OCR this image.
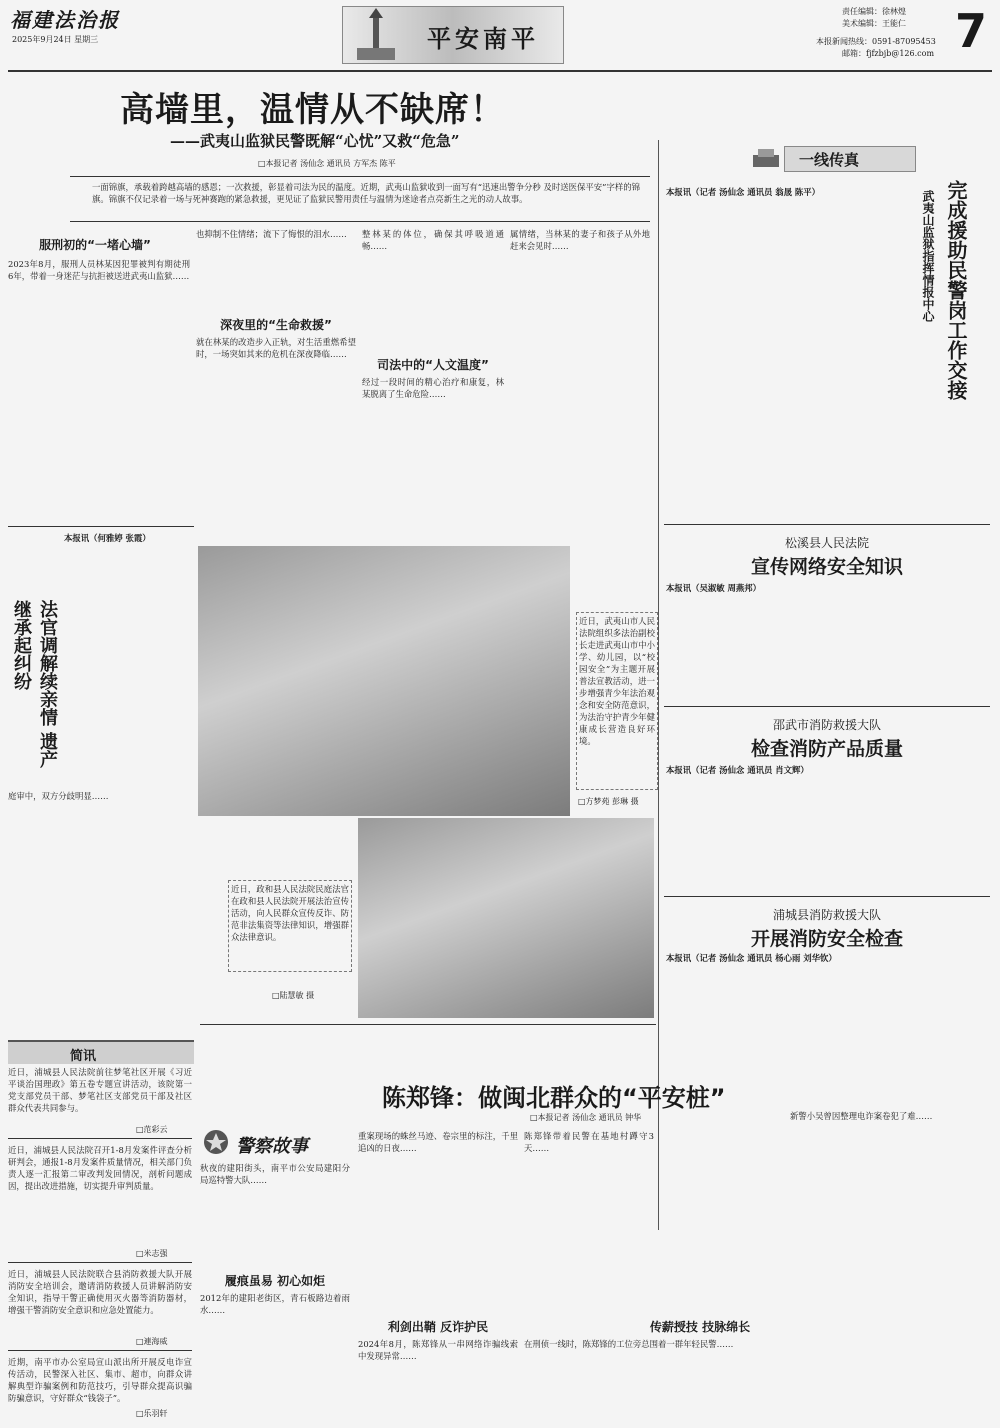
福建法治报
2025年9月24日 星期三	平安南平
责任编辑：徐林煌
美术编辑：王能仁
本报新闻热线：0591-87095453
邮箱：fjfzbjb@126.com 7
高墙里，温情从不缺席！
——武夷山监狱民警既解“心忧”又救“危急”
□本报记者 汤仙念 通讯员 方军杰 陈平
一面锦旗，承载着跨越高墙的感恩；一次救援，彰显着司法为民的温度。近期，武夷山监狱收到一面写有“迅速出警争分秒 及时送医保平安”字样的锦旗。锦旗不仅记录着一场与死神赛跑的紧急救援，更见证了监狱民警用责任与温情为迷途者点亮新生之光的动人故事。
服刑初的“一堵心墙”
2023年8月，服刑人员林某因犯罪被判有期徒刑6年，带着一身迷茫与抗拒被送进武夷山监狱……
也抑制不住情绪；流下了悔恨的泪水……
深夜里的“生命救援”
就在林某的改造步入正轨，对生活重燃希望时，一场突如其来的危机在深夜降临……
整林某的体位，确保其呼吸道通畅……
司法中的“人文温度”
经过一段时间的精心治疗和康复，林某脱离了生命危险……
属情绪，当林某的妻子和孩子从外地赶来会见时……
一线传真
完成援助民警岗工作交接
武夷山监狱指挥情报中心
本报讯（记者 汤仙念 通讯员 翁晟 陈平）
松溪县人民法院
宣传网络安全知识
本报讯（吴淑敏 周燕邦）
邵武市消防救援大队
检查消防产品质量
本报讯（记者 汤仙念 通讯员 肖文辉）
浦城县消防救援大队
开展消防安全检查
本报讯（记者 汤仙念 通讯员 杨心雨 刘华钦）
法官调解续亲情 遗产继承起纠纷
本报讯（何雅婷 张霞）
庭审中，双方分歧明显……
近日，武夷山市人民法院组织多法治副校长走进武夷山市中小学、幼儿园，以“校园安全”为主题开展普法宣教活动，进一步增强青少年法治观念和安全防范意识，为法治守护青少年健康成长营造良好环境。
□方梦苑 彭琳 摄
近日，政和县人民法院民庭法官在政和县人民法院开展法治宣传活动，向人民群众宣传反诈、防范非法集资等法律知识，增强群众法律意识。
□陆慧敏 摄
简讯
近日，浦城县人民法院前往梦笔社区开展《习近平谈治国理政》第五卷专题宣讲活动，该院第一党支部党员干部、梦笔社区支部党员干部及社区群众代表共同参与。
□范彩云
近日，浦城县人民法院召开1-8月发案件评查分析研判会，通报1-8月发案件质量情况，相关部门负责人逐一汇报第二审改判发回情况，剖析问题成因，提出改进措施，切实提升审判质量。
□米志强
近日，浦城县人民法院联合县消防救援大队开展消防安全培训会，邀请消防救援人员讲解消防安全知识，指导干警正确使用灭火器等消防器材，增强干警消防安全意识和应急处置能力。
□連海威
近期，南平市办公室局宣山派出所开展反电诈宣传活动，民警深入社区、集市、超市，向群众讲解典型诈骗案例和防范技巧，引导群众提高识骗防骗意识，守好群众“钱袋子”。
□乐羽轩
陈郑锋：做闽北群众的“平安桩”
□本报记者 汤仙念 通讯员 钟华
警察故事
秋夜的建阳街头，南平市公安局建阳分局巡特警大队……
履痕虽易 初心如炬
2012年的建阳老街区，青石板路边着雨水……
重案现场的蛛丝马迹、卷宗里的标注，千里追凶的日夜……
利剑出鞘 反诈护民
2024年8月，陈郑锋从一串网络诈骗线索中发现异常……
陈郑锋带着民警在基地村蹲守3天……
传薪授技 技脉绵长
在刑侦一线时，陈郑锋的工位旁总围着一群年轻民警……
新警小吴曾因整理电诈案卷犯了难……
